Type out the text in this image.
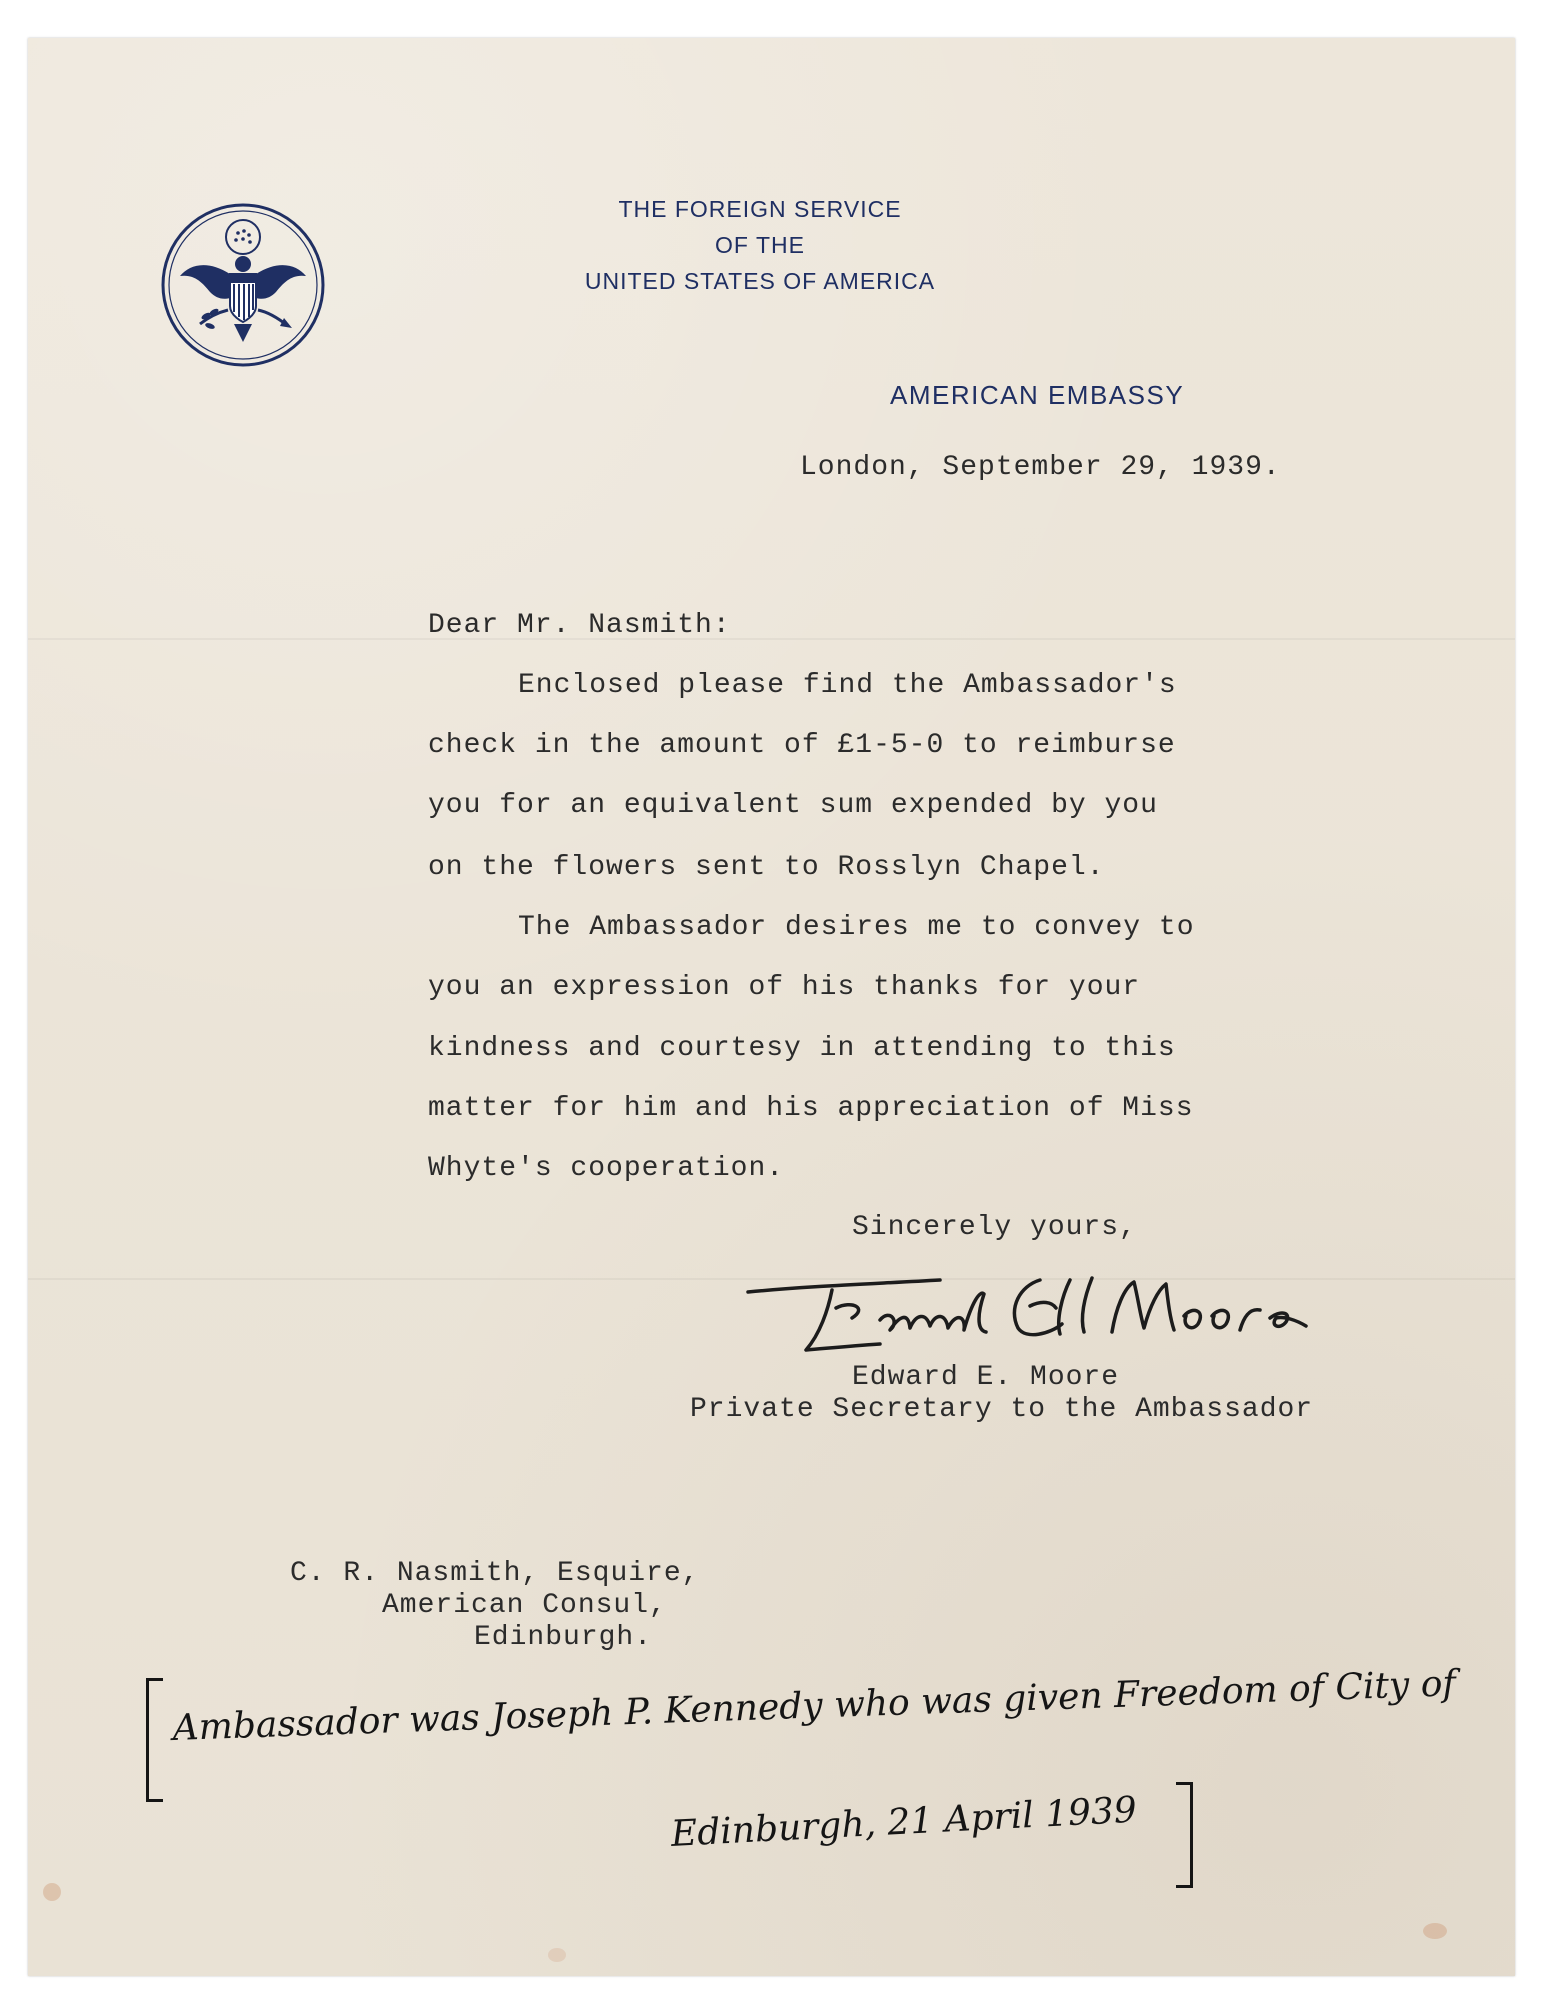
THE FOREIGN SERVICE
OF THE
UNITED STATES OF AMERICA
AMERICAN EMBASSY
London, September 29, 1939.
Dear Mr. Nasmith:
Enclosed please find the Ambassador's
check in the amount of £1-5-0 to reimburse
you for an equivalent sum expended by you
on the flowers sent to Rosslyn Chapel.
The Ambassador desires me to convey to
you an expression of his thanks for your
kindness and courtesy in attending to this
matter for him and his appreciation of Miss
Whyte's cooperation.
Sincerely yours,
Edward E. Moore
Private Secretary to the Ambassador
C. R. Nasmith, Esquire,
American Consul,
Edinburgh.
Ambassador was Joseph P. Kennedy who was given Freedom of City of
Edinburgh, 21 April 1939
